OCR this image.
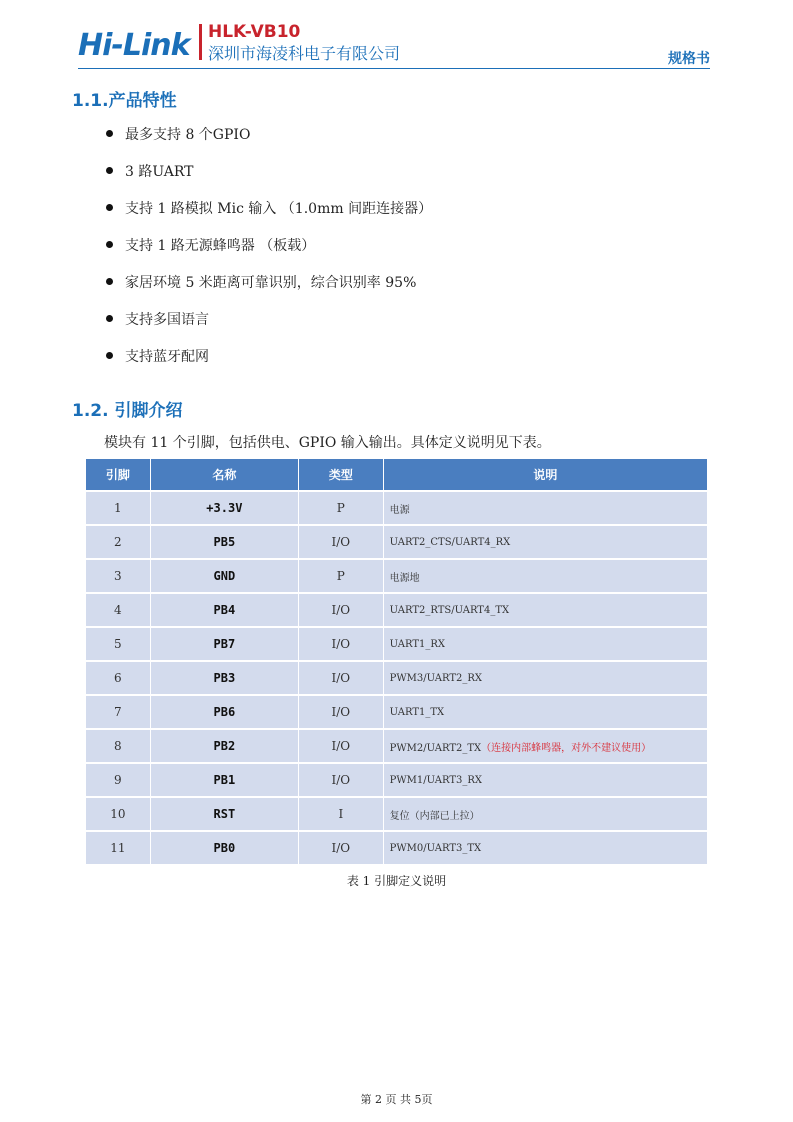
Hi-Link HLK-VB10
深圳市海凌科电子有限公司	规格书
1.1.产品特性
最多支持 8 个GPIO
3 路UART
支持 1 路模拟 Mic 输入 （1.0mm 间距连接器）
支持 1 路无源蜂鸣器 （板载）
家居环境 5 米距离可靠识别，综合识别率 95%
支持多国语言
支持蓝牙配网
1.2. 引脚介绍

模块有 11 个引脚，包括供电、GPIO 输入输出。具体定义说明见下表。

引脚	名称	类型	说明
1	+3.3V	P	电源
2	PB5	I/O	UART2_CTS/UART4_RX
3	GND	P	电源地
4	PB4	I/O	UART2_RTS/UART4_TX
5	PB7	I/O	UART1_RX
6	PB3	I/O	PWM3/UART2_RX
7	PB6	I/O	UART1_TX
8	PB2	I/O	PWM2/UART2_TX（连接内部蜂鸣器，对外不建议使用）
9	PB1	I/O	PWM1/UART3_RX
10	RST	I	复位（内部已上拉）
11	PB0	I/O	PWM0/UART3_TX

表 1 引脚定义说明

第 2 页 共 5页
